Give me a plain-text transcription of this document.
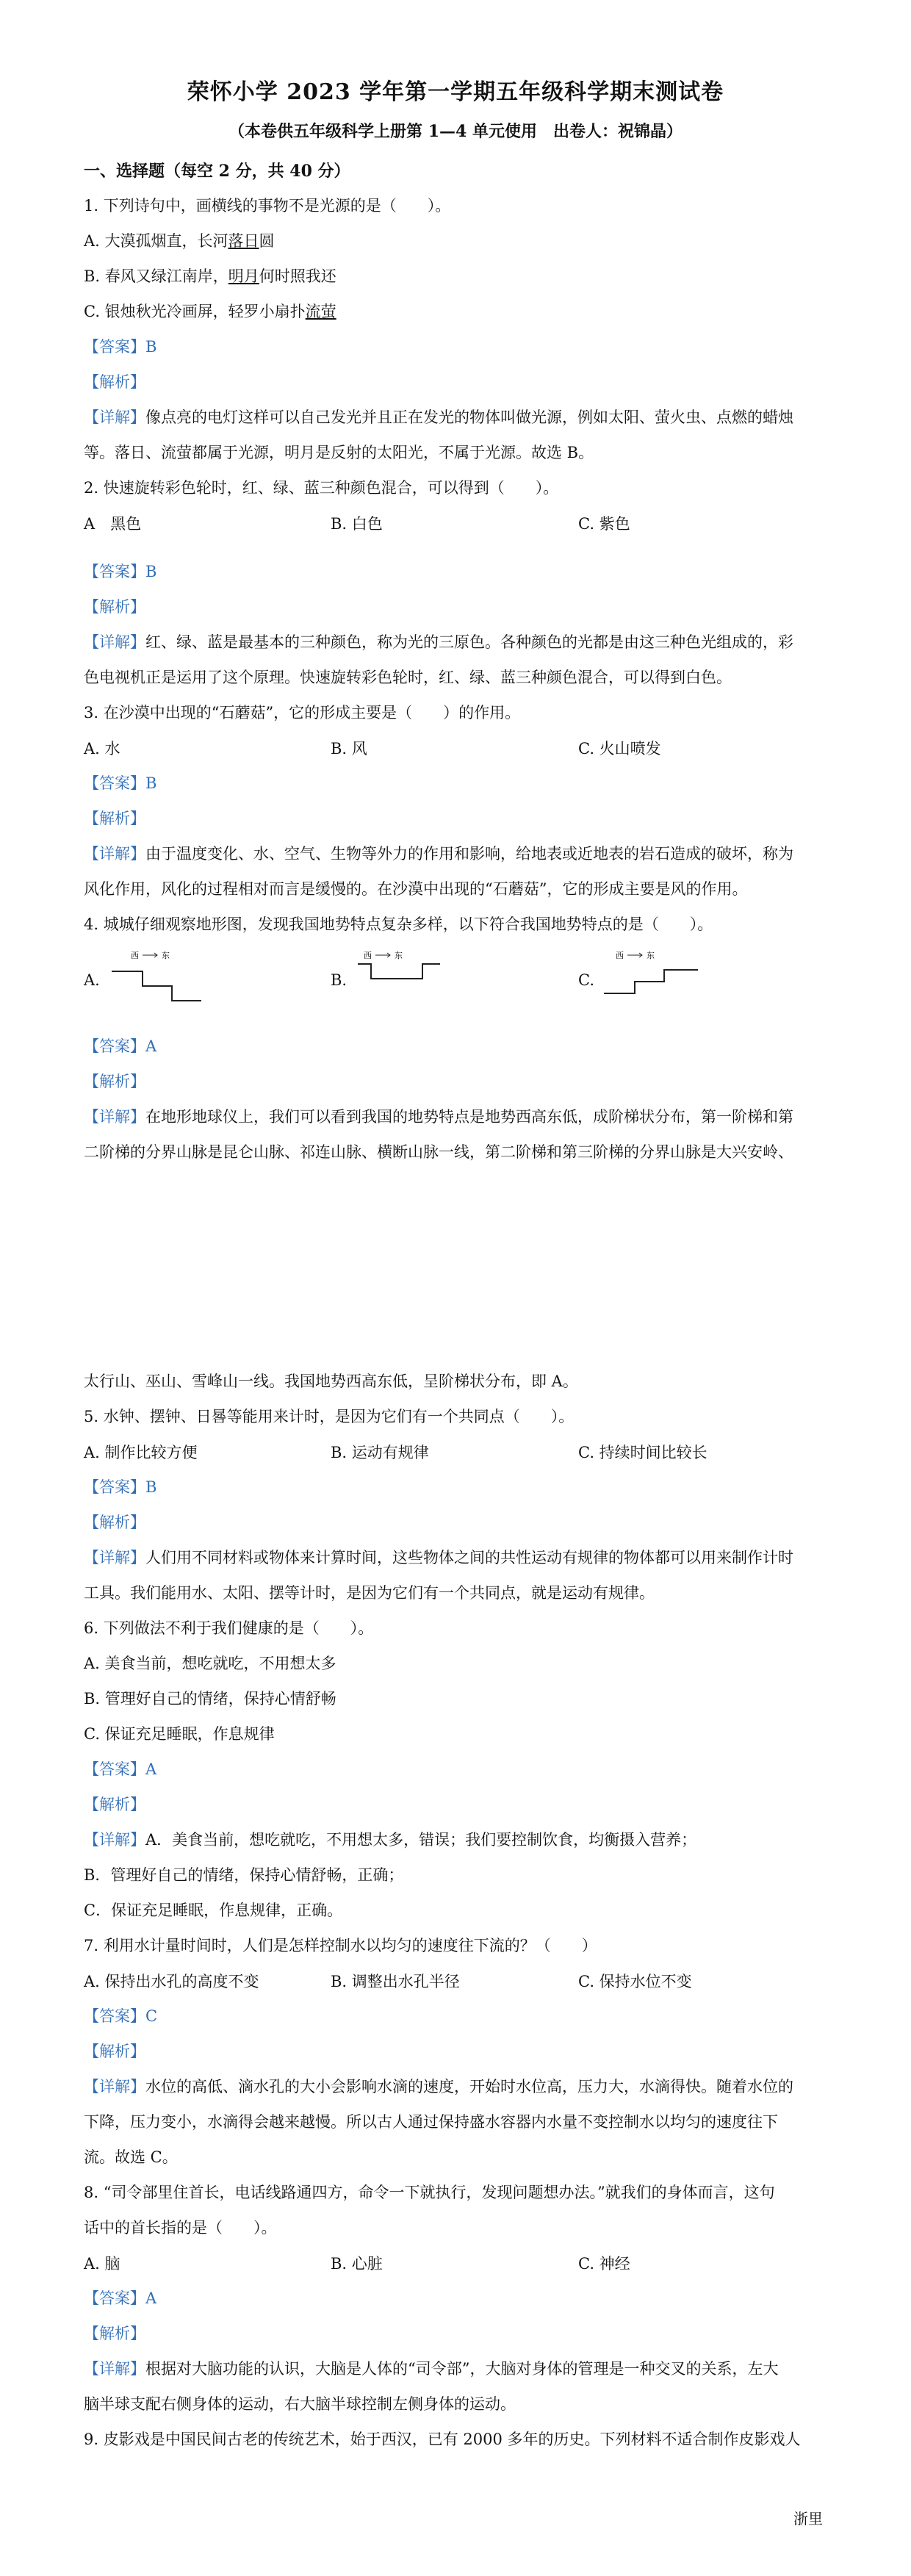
荣怀小学 2023 学年第一学期五年级科学期末测试卷
（本卷供五年级科学上册第 1—4 单元使用　出卷人：祝锦晶）
一、选择题（每空 2 分，共 40 分）
1. 下列诗句中，画横线的事物不是光源的是（　　）。
A. 大漠孤烟直，长河落日圆
B. 春风又绿江南岸，明月何时照我还
C. 银烛秋光冷画屏，轻罗小扇扑流萤
【答案】B
【解析】
【详解】像点亮的电灯这样可以自己发光并且正在发光的物体叫做光源，例如太阳、萤火虫、点燃的蜡烛
等。落日、流萤都属于光源，明月是反射的太阳光，不属于光源。故选 B。
2. 快速旋转彩色轮时，红、绿、蓝三种颜色混合，可以得到（　　）。
A　黑色	B. 白色	C. 紫色
【答案】B
【解析】
【详解】红、绿、蓝是最基本的三种颜色，称为光的三原色。各种颜色的光都是由这三种色光组成的，彩
色电视机正是运用了这个原理。快速旋转彩色轮时，红、绿、蓝三种颜色混合，可以得到白色。
3. 在沙漠中出现的“石蘑菇”，它的形成主要是（　　）的作用。
A. 水	B. 风	C. 火山喷发
【答案】B
【解析】
【详解】由于温度变化、水、空气、生物等外力的作用和影响，给地表或近地表的岩石造成的破坏，称为
风化作用，风化的过程相对而言是缓慢的。在沙漠中出现的“石蘑菇”，它的形成主要是风的作用。
4. 城城仔细观察地形图，发现我国地势特点复杂多样，以下符合我国地势特点的是（　　）。
A.
西	东
B.
西	东
C.
西	东
【答案】A
【解析】
【详解】在地形地球仪上，我们可以看到我国的地势特点是地势西高东低，成阶梯状分布，第一阶梯和第
二阶梯的分界山脉是昆仑山脉、祁连山脉、横断山脉一线，第二阶梯和第三阶梯的分界山脉是大兴安岭、
太行山、巫山、雪峰山一线。我国地势西高东低，呈阶梯状分布，即 A。
5. 水钟、摆钟、日晷等能用来计时，是因为它们有一个共同点（　　）。
A. 制作比较方便	B. 运动有规律	C. 持续时间比较长
【答案】B
【解析】
【详解】人们用不同材料或物体来计算时间，这些物体之间的共性运动有规律的物体都可以用来制作计时
工具。我们能用水、太阳、摆等计时，是因为它们有一个共同点，就是运动有规律。
6. 下列做法不利于我们健康的是（　　）。
A. 美食当前，想吃就吃，不用想太多
B. 管理好自己的情绪，保持心情舒畅
C. 保证充足睡眠，作息规律
【答案】A
【解析】
【详解】A．美食当前，想吃就吃，不用想太多，错误；我们要控制饮食，均衡摄入营养；
B．管理好自己的情绪，保持心情舒畅，正确；
C．保证充足睡眠，作息规律，正确。
7. 利用水计量时间时，人们是怎样控制水以均匀的速度往下流的？（　　）
A. 保持出水孔的高度不变	B. 调整出水孔半径	C. 保持水位不变
【答案】C
【解析】
【详解】水位的高低、滴水孔的大小会影响水滴的速度，开始时水位高，压力大，水滴得快。随着水位的
下降，压力变小，水滴得会越来越慢。所以古人通过保持盛水容器内水量不变控制水以均匀的速度往下
流。故选 C。
8. “司令部里住首长，电话线路通四方，命令一下就执行，发现问题想办法。”就我们的身体而言，这句
话中的首长指的是（　　）。
A. 脑	B. 心脏	C. 神经
【答案】A
【解析】
【详解】根据对大脑功能的认识，大脑是人体的“司令部”，大脑对身体的管理是一种交叉的关系，左大
脑半球支配右侧身体的运动，右大脑半球控制左侧身体的运动。
9. 皮影戏是中国民间古老的传统艺术，始于西汉，已有 2000 多年的历史。下列材料不适合制作皮影戏人
浙里
